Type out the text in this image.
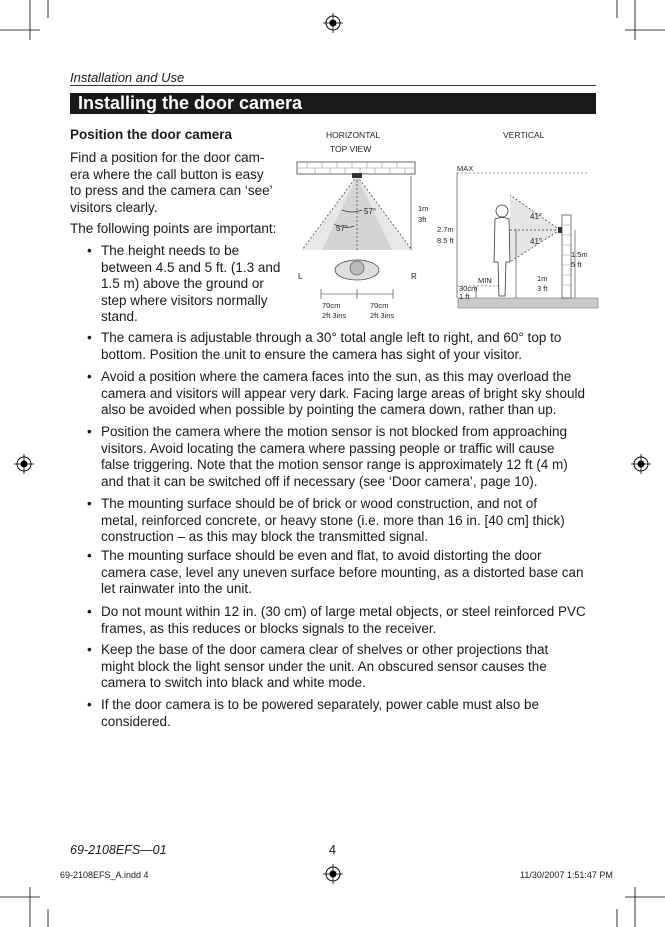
Installation and Use
Installing the door camera
Position the door camera
Find a position for the door cam-
era where the call button is easy
to press and the camera can ‘see’
visitors clearly.
The following points are important:
• The height needs to be
between 4.5 and 5 ft. (1.3 and
1.5 m) above the ground or
step where visitors normally
stand.
HORIZONTAL
TOP VIEW
VERTICAL
57°
57°
1m
3ft
L	R
70cm
2ft 3ins
70cm
2ft 3ins
MAX
2.7m
8.5 ft
41°
41°
1.5m
5 ft
MIN
30cm
1 ft
1m
3 ft
• The camera is adjustable through a 30° total angle left to right, and 60° top to
bottom. Position the unit to ensure the camera has sight of your visitor.
• Avoid a position where the camera faces into the sun, as this may overload the
camera and visitors will appear very dark. Facing large areas of bright sky should
also be avoided when possible by pointing the camera down, rather than up.
• Position the camera where the motion sensor is not blocked from approaching
visitors. Avoid locating the camera where passing people or traffic will cause
false triggering. Note that the motion sensor range is approximately 12 ft (4 m)
and that it can be switched off if necessary (see ‘Door camera’, page 10).
• The mounting surface should be of brick or wood construction, and not of
metal, reinforced concrete, or heavy stone (i.e. more than 16 in. [40 cm] thick)
construction – as this may block the transmitted signal.
• The mounting surface should be even and flat, to avoid distorting the door
camera case, level any uneven surface before mounting, as a distorted base can
let rainwater into the unit.
• Do not mount within 12 in. (30 cm) of large metal objects, or steel reinforced PVC
frames, as this reduces or blocks signals to the receiver.
• Keep the base of the door camera clear of shelves or other projections that
might block the light sensor under the unit. An obscured sensor causes the
camera to switch into black and white mode.
• If the door camera is to be powered separately, power cable must also be
considered.
69-2108EFS—01	4
69-2108EFS_A.indd 4	11/30/2007 1:51:47 PM
